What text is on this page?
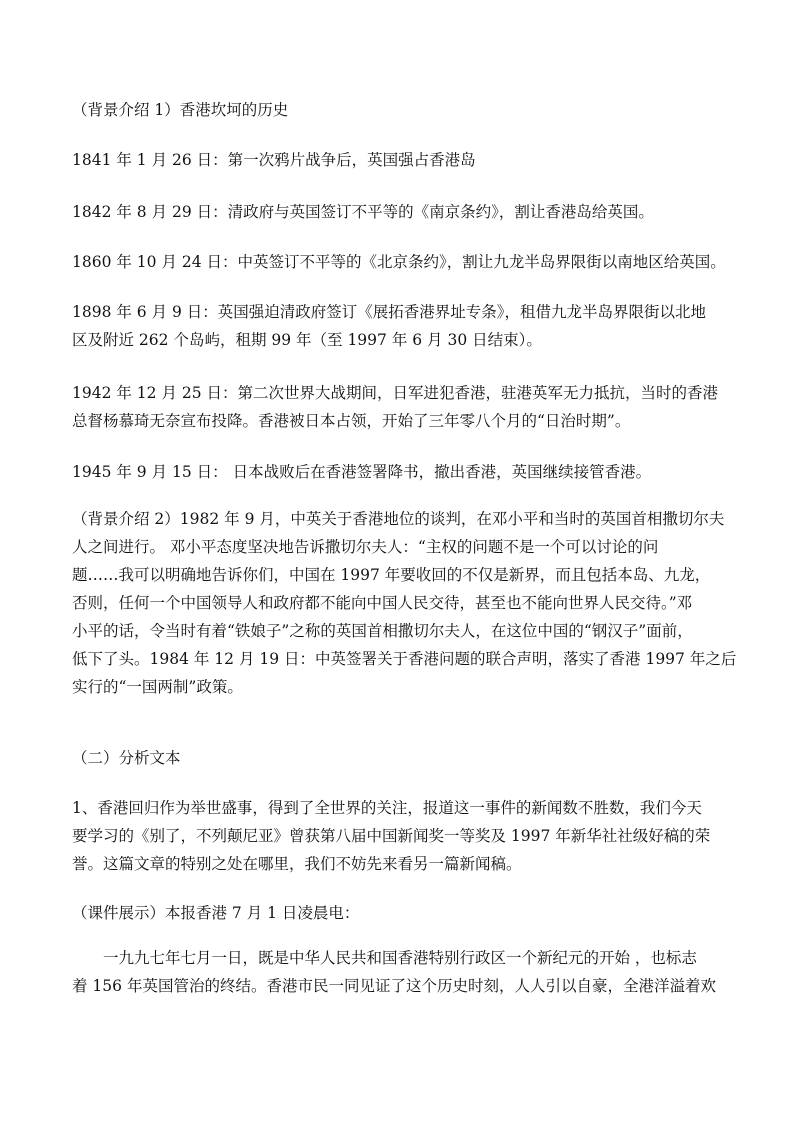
（背景介绍 1）香港坎坷的历史

1841 年 1 月 26 日：第一次鸦片战争后，英国强占香港岛

1842 年 8 月 29 日：清政府与英国签订不平等的《南京条约》，割让香港岛给英国。

1860 年 10 月 24 日：中英签订不平等的《北京条约》，割让九龙半岛界限街以南地区给英国。

1898 年 6 月 9 日：英国强迫清政府签订《展拓香港界址专条》，租借九龙半岛界限街以北地
区及附近 262 个岛屿，租期 99 年（至 1997 年 6 月 30 日结束）。

1942 年 12 月 25 日：第二次世界大战期间，日军进犯香港，驻港英军无力抵抗，当时的香港
总督杨慕琦无奈宣布投降。香港被日本占领，开始了三年零八个月的“日治时期”。

1945 年 9 月 15 日： 日本战败后在香港签署降书，撤出香港，英国继续接管香港。

（背景介绍 2）1982 年 9 月，中英关于香港地位的谈判，在邓小平和当时的英国首相撒切尔夫
人之间进行。 邓小平态度坚决地告诉撒切尔夫人：“主权的问题不是一个可以讨论的问
题……我可以明确地告诉你们，中国在 1997 年要收回的不仅是新界，而且包括本岛、九龙，
否则，任何一个中国领导人和政府都不能向中国人民交待，甚至也不能向世界人民交待。”邓
小平的话，令当时有着“铁娘子”之称的英国首相撒切尔夫人，在这位中国的“钢汉子”面前，
低下了头。1984 年 12 月 19 日：中英签署关于香港问题的联合声明，落实了香港 1997 年之后
实行的“一国两制”政策。

（二）分析文本

1、香港回归作为举世盛事，得到了全世界的关注，报道这一事件的新闻数不胜数，我们今天
要学习的《别了，不列颠尼亚》曾获第八届中国新闻奖一等奖及 1997 年新华社社级好稿的荣
誉。这篇文章的特别之处在哪里，我们不妨先来看另一篇新闻稿。

（课件展示）本报香港 7 月 1 日凌晨电：

一九九七年七月一日，既是中华人民共和国香港特别行政区一个新纪元的开始 ，也标志
着 156 年英国管治的终结。香港市民一同见证了这个历史时刻，人人引以自豪，全港洋溢着欢
